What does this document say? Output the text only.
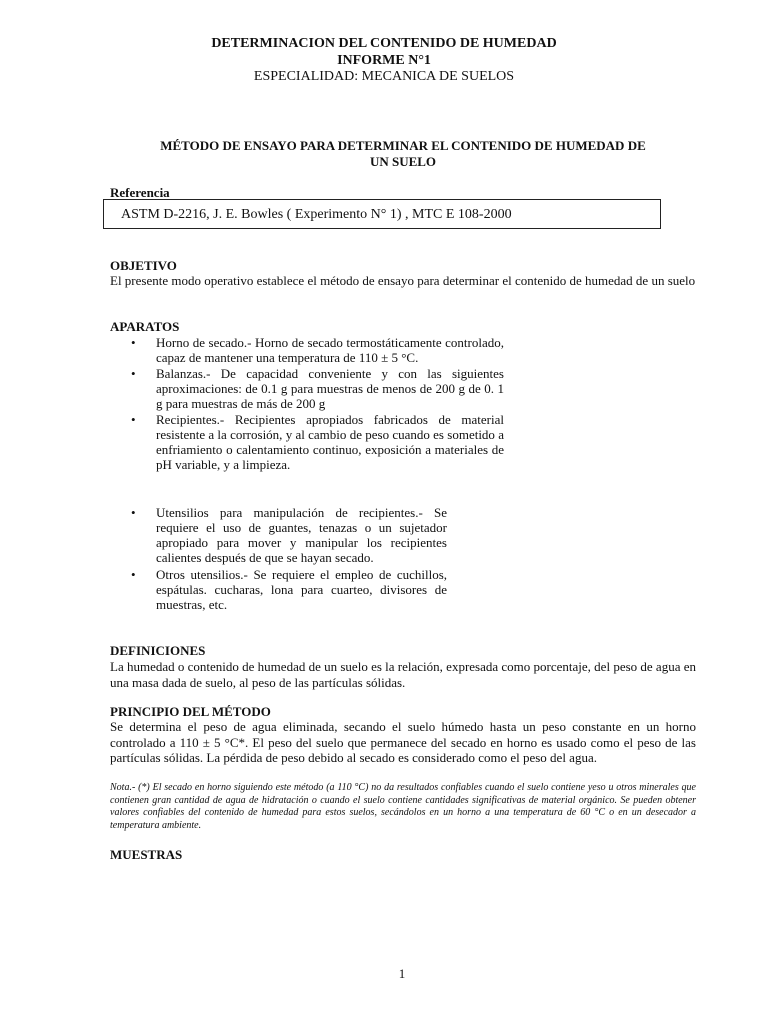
DETERMINACION DEL CONTENIDO DE HUMEDAD
INFORME N°1
ESPECIALIDAD: MECANICA DE SUELOS
MÉTODO DE ENSAYO PARA DETERMINAR EL CONTENIDO DE HUMEDAD DE
UN SUELO
Referencia
ASTM D-2216, J. E. Bowles ( Experimento N° 1) , MTC E 108-2000
OBJETIVO
El presente modo operativo establece el método de ensayo para determinar el contenido de humedad de un suelo
APARATOS
• Horno de secado.- Horno de secado termostáticamente controlado, capaz de mantener una temperatura de 110 ± 5 °C.
• Balanzas.- De capacidad conveniente y con las siguientes aproximaciones: de 0.1 g para muestras de menos de 200 g de 0. 1 g para muestras de más de 200 g
• Recipientes.- Recipientes apropiados fabricados de material resistente a la corrosión, y al cambio de peso cuando es sometido a enfriamiento o calentamiento continuo, exposición a materiales de pH variable, y a limpieza.
• Utensilios para manipulación de recipientes.- Se requiere el uso de guantes, tenazas o un sujetador apropiado para mover y manipular los recipientes calientes después de que se hayan secado.
• Otros utensilios.- Se requiere el empleo de cuchillos, espátulas. cucharas, lona para cuarteo, divisores de muestras, etc.
DEFINICIONES
La humedad o contenido de humedad de un suelo es la relación, expresada como porcentaje, del peso de agua en una masa dada de suelo, al peso de las partículas sólidas.
PRINCIPIO DEL MÉTODO
Se determina el peso de agua eliminada, secando el suelo húmedo hasta un peso constante en un horno controlado a 110 ± 5 °C*. El peso del suelo que permanece del secado en horno es usado como el peso de las partículas sólidas. La pérdida de peso debido al secado es considerado como el peso del agua.
Nota.- (*) El secado en horno siguiendo este método (a 110 °C) no da resultados confiables cuando el suelo contiene yeso u otros minerales que contienen gran cantidad de agua de hidratación o cuando el suelo contiene cantidades significativas de material orgánico. Se pueden obtener valores confiables del contenido de humedad para estos suelos, secándolos en un horno a una temperatura de 60 °C o en un desecador a temperatura ambiente.
MUESTRAS
1
